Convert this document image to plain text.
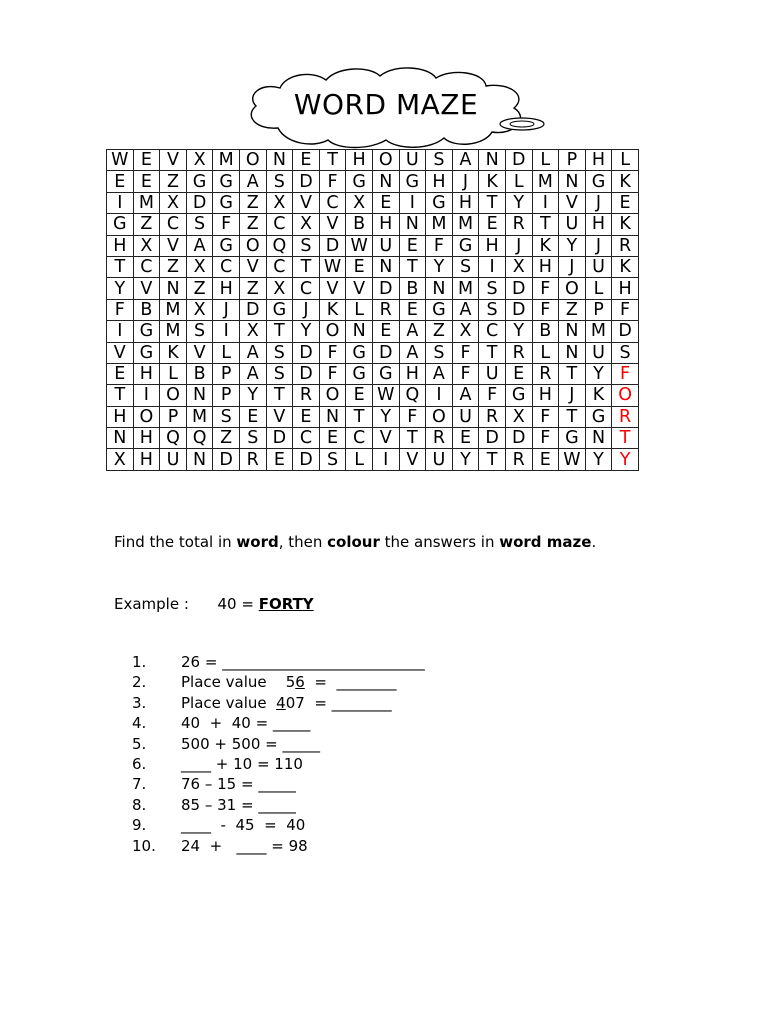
WORD MAZE
W	E	V	X	M	O	N	E	T	H	O	U	S	A	N	D	L	P	H	L
E	E	Z	G	G	A	S	D	F	G	N	G	H	J	K	L	M	N	G	K
I	M	X	D	G	Z	X	V	C	X	E	I	G	H	T	Y	I	V	J	E
G	Z	C	S	F	Z	C	X	V	B	H	N	M	M	E	R	T	U	H	K
H	X	V	A	G	O	Q	S	D	W	U	E	F	G	H	J	K	Y	J	R
T	C	Z	X	C	V	C	T	W	E	N	T	Y	S	I	X	H	J	U	K
Y	V	N	Z	H	Z	X	C	V	V	D	B	N	M	S	D	F	O	L	H
F	B	M	X	J	D	G	J	K	L	R	E	G	A	S	D	F	Z	P	F
I	G	M	S	I	X	T	Y	O	N	E	A	Z	X	C	Y	B	N	M	D
V	G	K	V	L	A	S	D	F	G	D	A	S	F	T	R	L	N	U	S
E	H	L	B	P	A	S	D	F	G	G	H	A	F	U	E	R	T	Y	F
T	I	O	N	P	Y	T	R	O	E	W	Q	I	A	F	G	H	J	K	O
H	O	P	M	S	E	V	E	N	T	Y	F	O	U	R	X	F	T	G	R
N	H	Q	Q	Z	S	D	C	E	C	V	T	R	E	D	D	F	G	N	T
X	H	U	N	D	R	E	D	S	L	I	V	U	Y	T	R	E	W	Y	Y
Find the total in word, then colour the answers in word maze.
Example :      40 = FORTY
1. 26 = ___________________________
2. Place value    56  =  ________
3. Place value  407  = ________
4. 40  +  40 = _____
5. 500 + 500 = _____
6. ____ + 10 = 110
7. 76 – 15 = _____
8. 85 – 31 = _____
9. ____  -  45  =  40
10. 24  +   ____ = 98
